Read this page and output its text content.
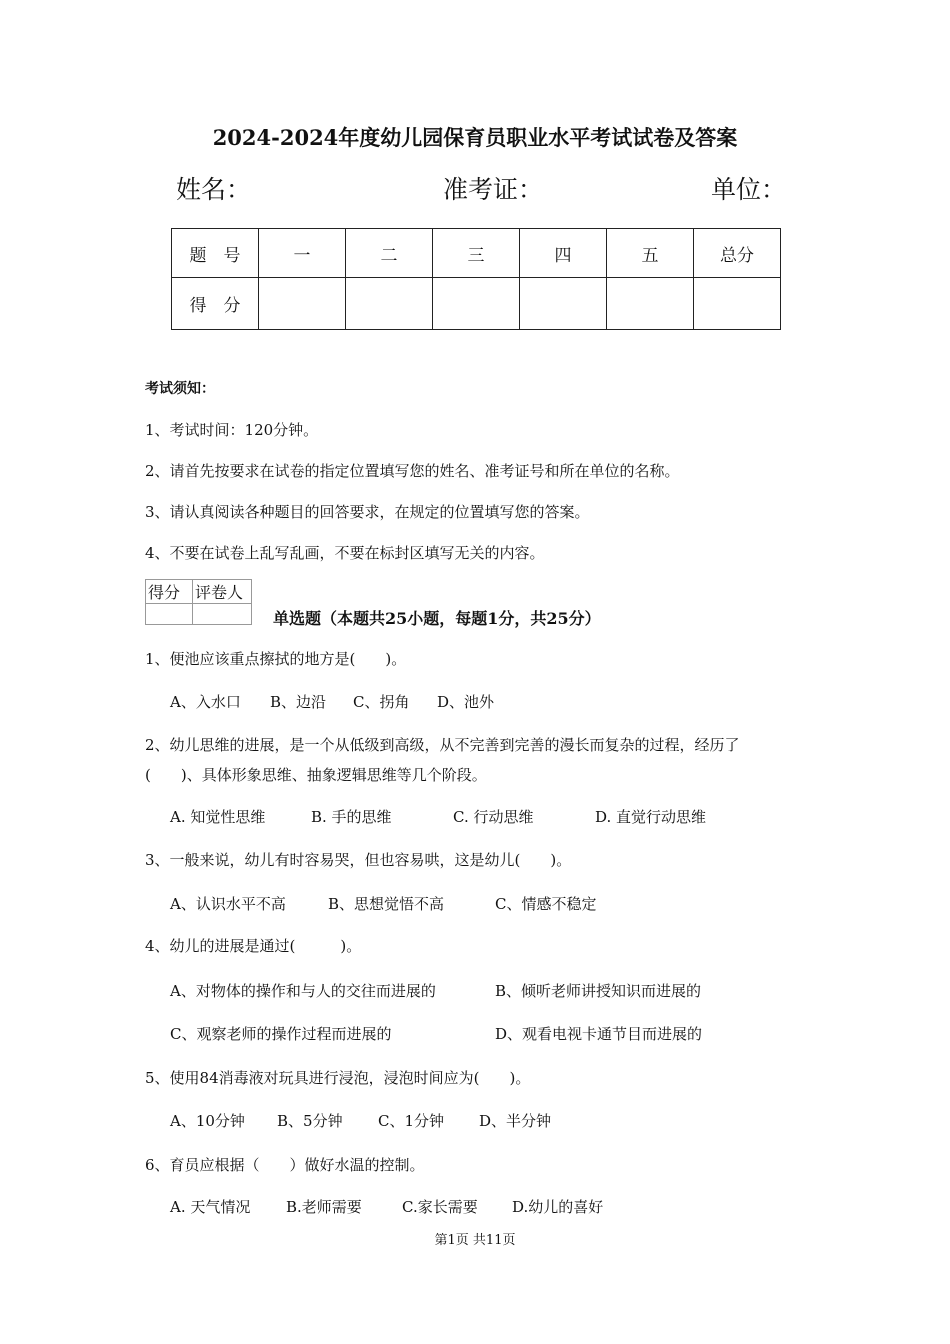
2024-2024年度幼儿园保育员职业水平考试试卷及答案
姓名：	准考证：	单位：
题　号	一	二	三	四	五	总分
得　分						
考试须知：
1、考试时间：120分钟。
2、请首先按要求在试卷的指定位置填写您的姓名、准考证号和所在单位的名称。
3、请认真阅读各种题目的回答要求，在规定的位置填写您的答案。
4、不要在试卷上乱写乱画，不要在标封区填写无关的内容。
得分	评卷人

单选题（本题共25小题，每题1分，共25分）
1、便池应该重点擦拭的地方是(　　)。
A、入水口 B、边沿 C、拐角 D、池外
2、幼儿思维的进展，是一个从低级到高级，从不完善到完善的漫长而复杂的过程，经历了
(　　)、具体形象思维、抽象逻辑思维等几个阶段。
A. 知觉性思维	B. 手的思维	C. 行动思维	D. 直觉行动思维
3、一般来说，幼儿有时容易哭，但也容易哄，这是幼儿(　　)。
A、认识水平不高	B、思想觉悟不高	C、情感不稳定
4、幼儿的进展是通过(　　　)。
A、对物体的操作和与人的交往而进展的	B、倾听老师讲授知识而进展的
C、观察老师的操作过程而进展的	D、观看电视卡通节目而进展的
5、使用84消毒液对玩具进行浸泡，浸泡时间应为(　　)。
A、10分钟 B、5分钟 C、1分钟 D、半分钟
6、育员应根据（　　）做好水温的控制。
A. 天气情况 B.老师需要	C.家长需要 D.幼儿的喜好
第1页 共11页
